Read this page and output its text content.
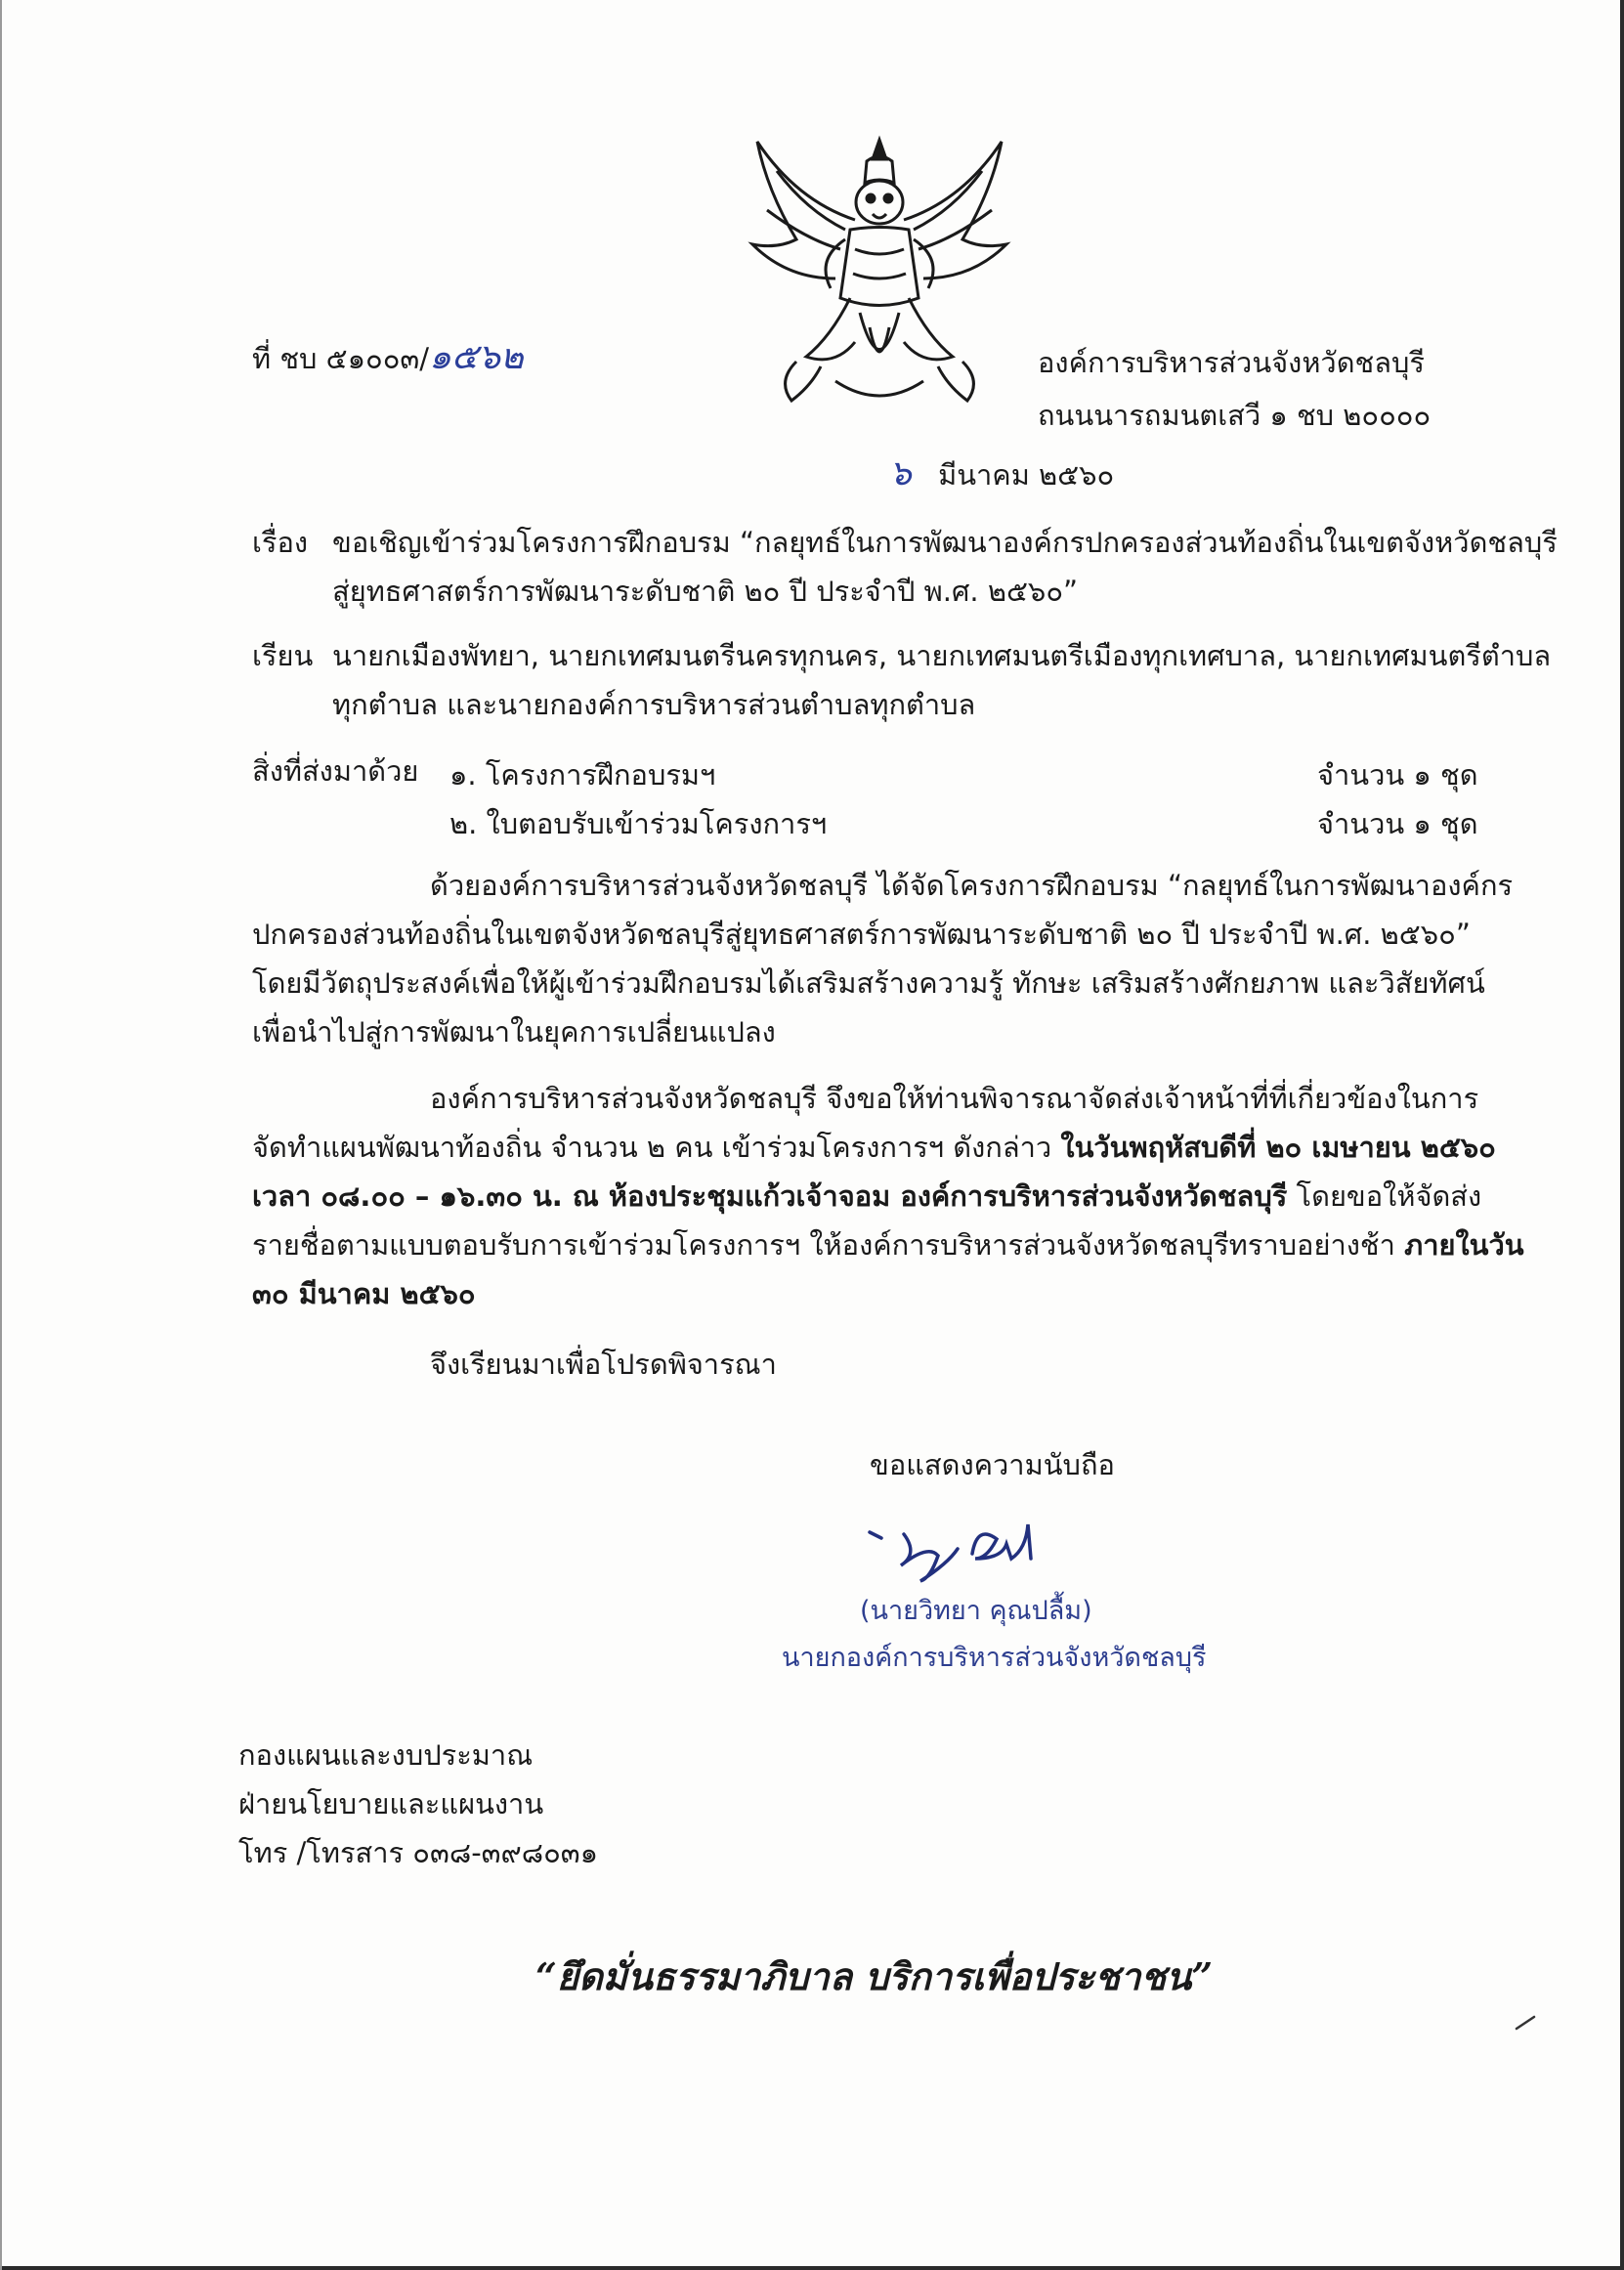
ที่ ชบ ๕๑๐๐๓/๑๕๖๒	องค์การบริหารส่วนจังหวัดชลบุรี
ถนนนารถมนตเสวี ๑ ชบ ๒๐๐๐๐
๖ มีนาคม ๒๕๖๐
เรื่อง ขอเชิญเข้าร่วมโครงการฝึกอบรม “กลยุทธ์ในการพัฒนาองค์กรปกครองส่วนท้องถิ่นในเขตจังหวัดชลบุรี
สู่ยุทธศาสตร์การพัฒนาระดับชาติ ๒๐ ปี ประจำปี พ.ศ. ๒๕๖๐”
เรียน นายกเมืองพัทยา, นายกเทศมนตรีนครทุกนคร, นายกเทศมนตรีเมืองทุกเทศบาล, นายกเทศมนตรีตำบล
ทุกตำบล และนายกองค์การบริหารส่วนตำบลทุกตำบล
สิ่งที่ส่งมาด้วย ๑. โครงการฝึกอบรมฯ	จำนวน ๑ ชุด
๒. ใบตอบรับเข้าร่วมโครงการฯ	จำนวน ๑ ชุด
ด้วยองค์การบริหารส่วนจังหวัดชลบุรี ได้จัดโครงการฝึกอบรม “กลยุทธ์ในการพัฒนาองค์กร
ปกครองส่วนท้องถิ่นในเขตจังหวัดชลบุรีสู่ยุทธศาสตร์การพัฒนาระดับชาติ ๒๐ ปี ประจำปี พ.ศ. ๒๕๖๐”
โดยมีวัตถุประสงค์เพื่อให้ผู้เข้าร่วมฝึกอบรมได้เสริมสร้างความรู้ ทักษะ เสริมสร้างศักยภาพ และวิสัยทัศน์
เพื่อนำไปสู่การพัฒนาในยุคการเปลี่ยนแปลง
องค์การบริหารส่วนจังหวัดชลบุรี จึงขอให้ท่านพิจารณาจัดส่งเจ้าหน้าที่ที่เกี่ยวข้องในการ
จัดทำแผนพัฒนาท้องถิ่น จำนวน ๒ คน เข้าร่วมโครงการฯ ดังกล่าว ในวันพฤหัสบดีที่ ๒๐ เมษายน ๒๕๖๐
เวลา ๐๘.๐๐ – ๑๖.๓๐ น. ณ ห้องประชุมแก้วเจ้าจอม องค์การบริหารส่วนจังหวัดชลบุรี โดยขอให้จัดส่ง
รายชื่อตามแบบตอบรับการเข้าร่วมโครงการฯ ให้องค์การบริหารส่วนจังหวัดชลบุรีทราบอย่างช้า ภายในวัน
๓๐ มีนาคม ๒๕๖๐
จึงเรียนมาเพื่อโปรดพิจารณา
ขอแสดงความนับถือ
(นายวิทยา คุณปลื้ม)
นายกองค์การบริหารส่วนจังหวัดชลบุรี
กองแผนและงบประมาณ
ฝ่ายนโยบายและแผนงาน
โทร /โทรสาร ๐๓๘-๓๙๘๐๓๑
“ยึดมั่นธรรมาภิบาล บริการเพื่อประชาชน”
